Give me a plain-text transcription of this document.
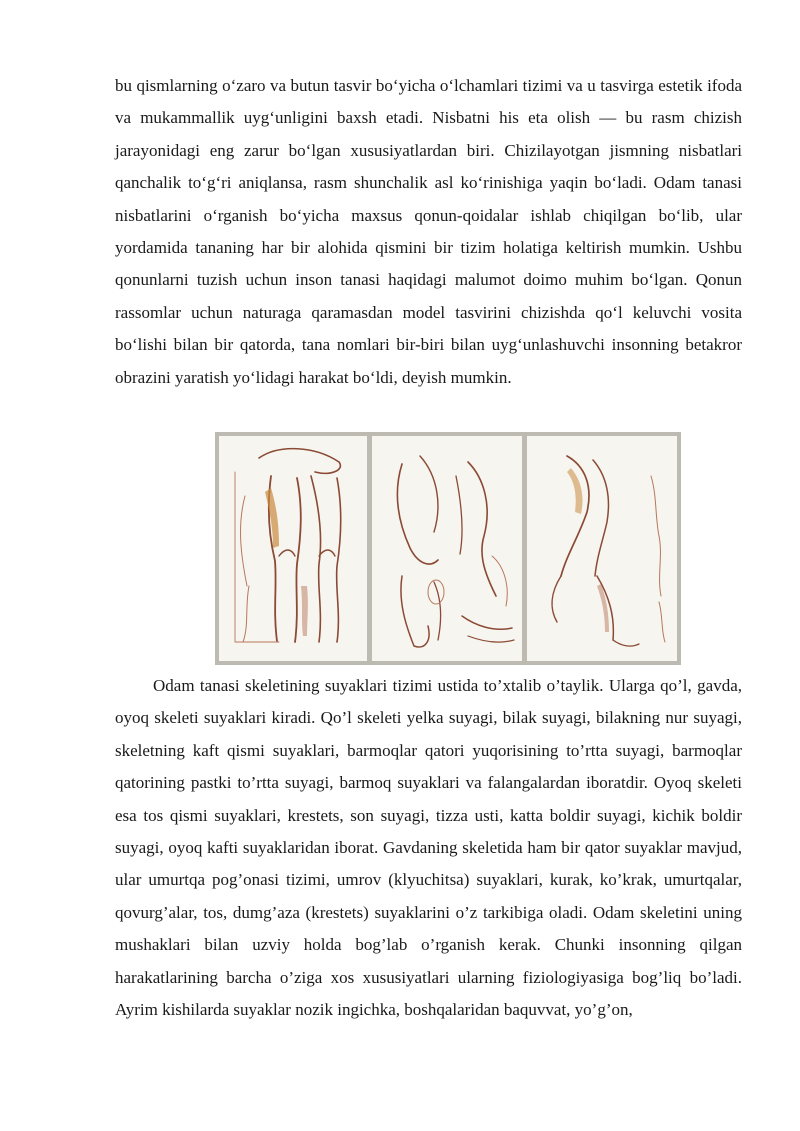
bu qismlarning o‘zaro va butun tasvir bo‘yicha o‘lchamlari tizimi va u tasvirga estetik ifoda va mukammallik uyg‘unligini baxsh etadi. Nisbatni his eta olish — bu rasm chizish jarayonidagi eng zarur bo‘lgan xususiyatlardan biri. Chizilayotgan jismning nisbatlari qanchalik to‘g‘ri aniqlansa, rasm shunchalik asl ko‘rinishiga yaqin bo‘ladi. Odam tanasi nisbatlarini o‘rganish bo‘yicha maxsus qonun-qoidalar ishlab chiqilgan bo‘lib, ular yordamida tananing har bir alohida qismini bir tizim holatiga keltirish mumkin. Ushbu qonunlarni tuzish uchun inson tanasi haqidagi malumot doimo muhim bo‘lgan. Qonun rassomlar uchun naturaga qaramasdan model tasvirini chizishda qo‘l keluvchi vosita bo‘lishi bilan bir qatorda, tana nomlari bir-biri bilan uyg‘unlashuvchi insonning betakror obrazini yaratish yo‘lidagi harakat bo‘ldi, deyish mumkin.

Odam tanasi skeletining suyaklari tizimi ustida to’xtalib o’taylik. Ularga qo’l, gavda, oyoq skeleti suyaklari kiradi. Qo’l skeleti yelka suyagi, bilak suyagi, bilakning nur suyagi, skeletning kaft qismi suyaklari, barmoqlar qatori yuqorisining to’rtta suyagi, barmoqlar qatorining pastki to’rtta suyagi, barmoq suyaklari va falangalardan iboratdir. Oyoq skeleti esa tos qismi suyaklari, krestets, son suyagi, tizza usti, katta boldir suyagi, kichik boldir suyagi, oyoq kafti suyaklaridan iborat. Gavdaning skeletida ham bir qator suyaklar mavjud, ular umurtqa pog’onasi tizimi, umrov (klyuchitsa) suyaklari, kurak, ko’krak, umurtqalar, qovurg’alar, tos, dumg’aza (krestets) suyaklarini o’z tarkibiga oladi. Odam skeletini uning mushaklari bilan uzviy holda bog’lab o’rganish kerak. Chunki insonning qilgan harakatlarining barcha o’ziga xos xususiyatlari ularning fiziologiyasiga bog’liq bo’ladi. Ayrim kishilarda suyaklar nozik ingichka, boshqalaridan baquvvat, yo’g’on,
